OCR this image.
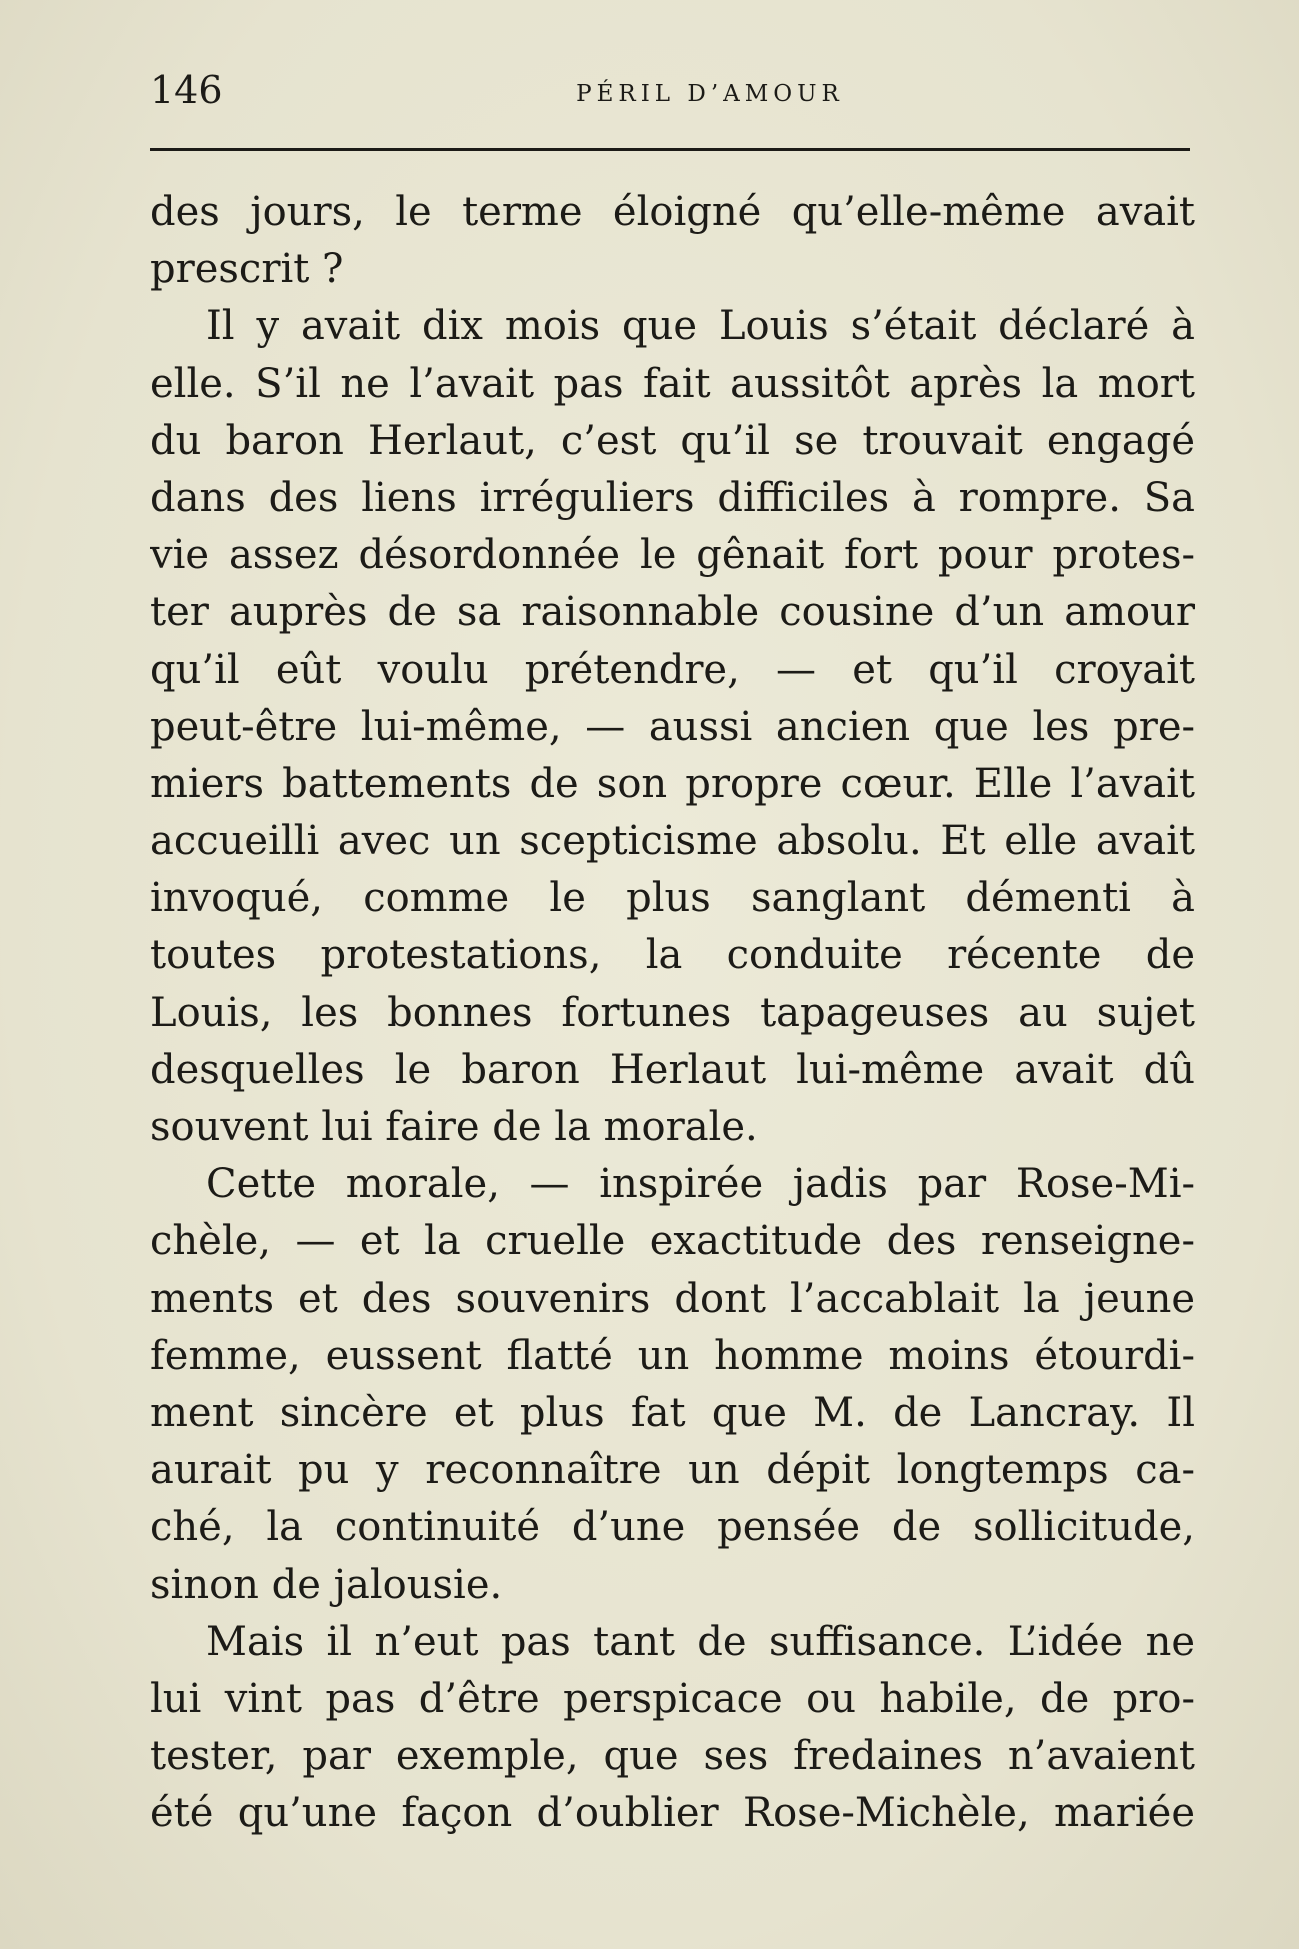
146	PÉRIL D’AMOUR
des jours, le terme éloigné qu’elle-même avait
prescrit ?
Il y avait dix mois que Louis s’était déclaré à
elle. S’il ne l’avait pas fait aussitôt après la mort
du baron Herlaut, c’est qu’il se trouvait engagé
dans des liens irréguliers difficiles à rompre. Sa
vie assez désordonnée le gênait fort pour protes-
ter auprès de sa raisonnable cousine d’un amour
qu’il eût voulu prétendre, — et qu’il croyait
peut-être lui-même, — aussi ancien que les pre-
miers battements de son propre cœur. Elle l’avait
accueilli avec un scepticisme absolu. Et elle avait
invoqué, comme le plus sanglant démenti à
toutes protestations, la conduite récente de
Louis, les bonnes fortunes tapageuses au sujet
desquelles le baron Herlaut lui-même avait dû
souvent lui faire de la morale.
Cette morale, — inspirée jadis par Rose-Mi-
chèle, — et la cruelle exactitude des renseigne-
ments et des souvenirs dont l’accablait la jeune
femme, eussent flatté un homme moins étourdi-
ment sincère et plus fat que M. de Lancray. Il
aurait pu y reconnaître un dépit longtemps ca-
ché, la continuité d’une pensée de sollicitude,
sinon de jalousie.
Mais il n’eut pas tant de suffisance. L’idée ne
lui vint pas d’être perspicace ou habile, de pro-
tester, par exemple, que ses fredaines n’avaient
été qu’une façon d’oublier Rose-Michèle, mariée
